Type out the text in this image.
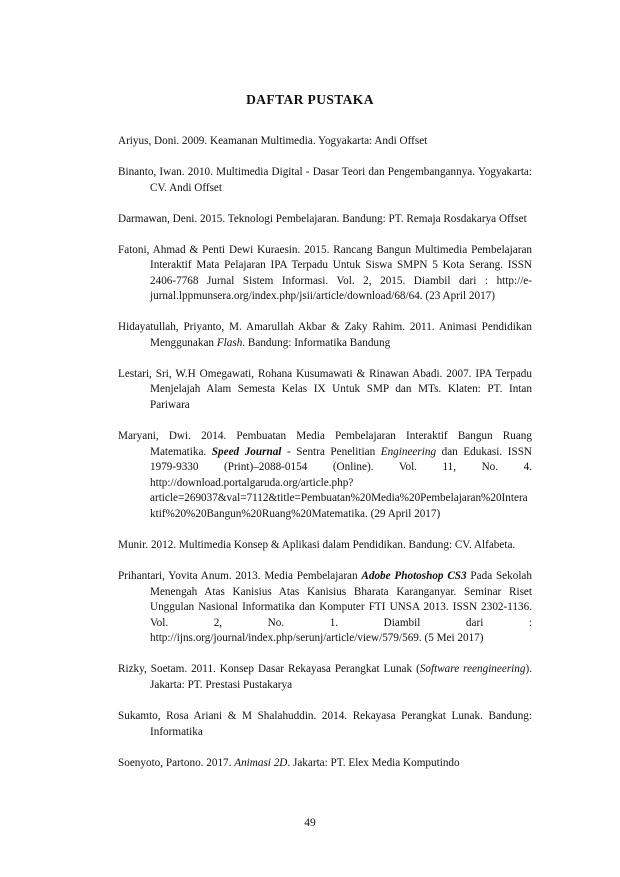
DAFTAR PUSTAKA
Ariyus, Doni. 2009. Keamanan Multimedia. Yogyakarta: Andi Offset
Binanto, Iwan. 2010. Multimedia Digital - Dasar Teori dan Pengembangannya. Yogyakarta: CV. Andi Offset
Darmawan, Deni. 2015. Teknologi Pembelajaran. Bandung: PT. Remaja Rosdakarya Offset
Fatoni, Ahmad & Penti Dewi Kuraesin. 2015. Rancang Bangun Multimedia Pembelajaran Interaktif Mata Pelajaran IPA Terpadu Untuk Siswa SMPN 5 Kota Serang. ISSN 2406-7768 Jurnal Sistem Informasi. Vol. 2, 2015. Diambil dari : http://e-jurnal.lppmunsera.org/index.php/jsii/article/download/68/64. (23 April 2017)
Hidayatullah, Priyanto, M. Amarullah Akbar & Zaky Rahim. 2011. Animasi Pendidikan Menggunakan Flash. Bandung: Informatika Bandung
Lestari, Sri, W.H Omegawati, Rohana Kusumawati & Rinawan Abadi. 2007. IPA Terpadu Menjelajah Alam Semesta Kelas IX Untuk SMP dan MTs. Klaten: PT. Intan Pariwara
Maryani, Dwi. 2014. Pembuatan Media Pembelajaran Interaktif Bangun Ruang Matematika. Speed Journal - Sentra Penelitian Engineering dan Edukasi. ISSN 1979-9330 (Print)–2088-0154 (Online). Vol. 11, No. 4. http://download.portalgaruda.org/article.php?article=269037&val=7112&title=Pembuatan%20Media%20Pembelajaran%20Interaktif%20%20Bangun%20Ruang%20Matematika. (29 April 2017)
Munir. 2012. Multimedia Konsep & Aplikasi dalam Pendidikan. Bandung: CV. Alfabeta.
Prihantari, Yovita Anum. 2013. Media Pembelajaran Adobe Photoshop CS3 Pada Sekolah Menengah Atas Kanisius Atas Kanisius Bharata Karanganyar. Seminar Riset Unggulan Nasional Informatika dan Komputer FTI UNSA 2013. ISSN 2302-1136. Vol. 2, No. 1. Diambil dari : http://ijns.org/journal/index.php/serunj/article/view/579/569. (5 Mei 2017)
Rizky, Soetam. 2011. Konsep Dasar Rekayasa Perangkat Lunak (Software reengineering). Jakarta: PT. Prestasi Pustakarya
Sukamto, Rosa Ariani & M Shalahuddin. 2014. Rekayasa Perangkat Lunak. Bandung: Informatika
Soenyoto, Partono. 2017. Animasi 2D. Jakarta: PT. Elex Media Komputindo
49
